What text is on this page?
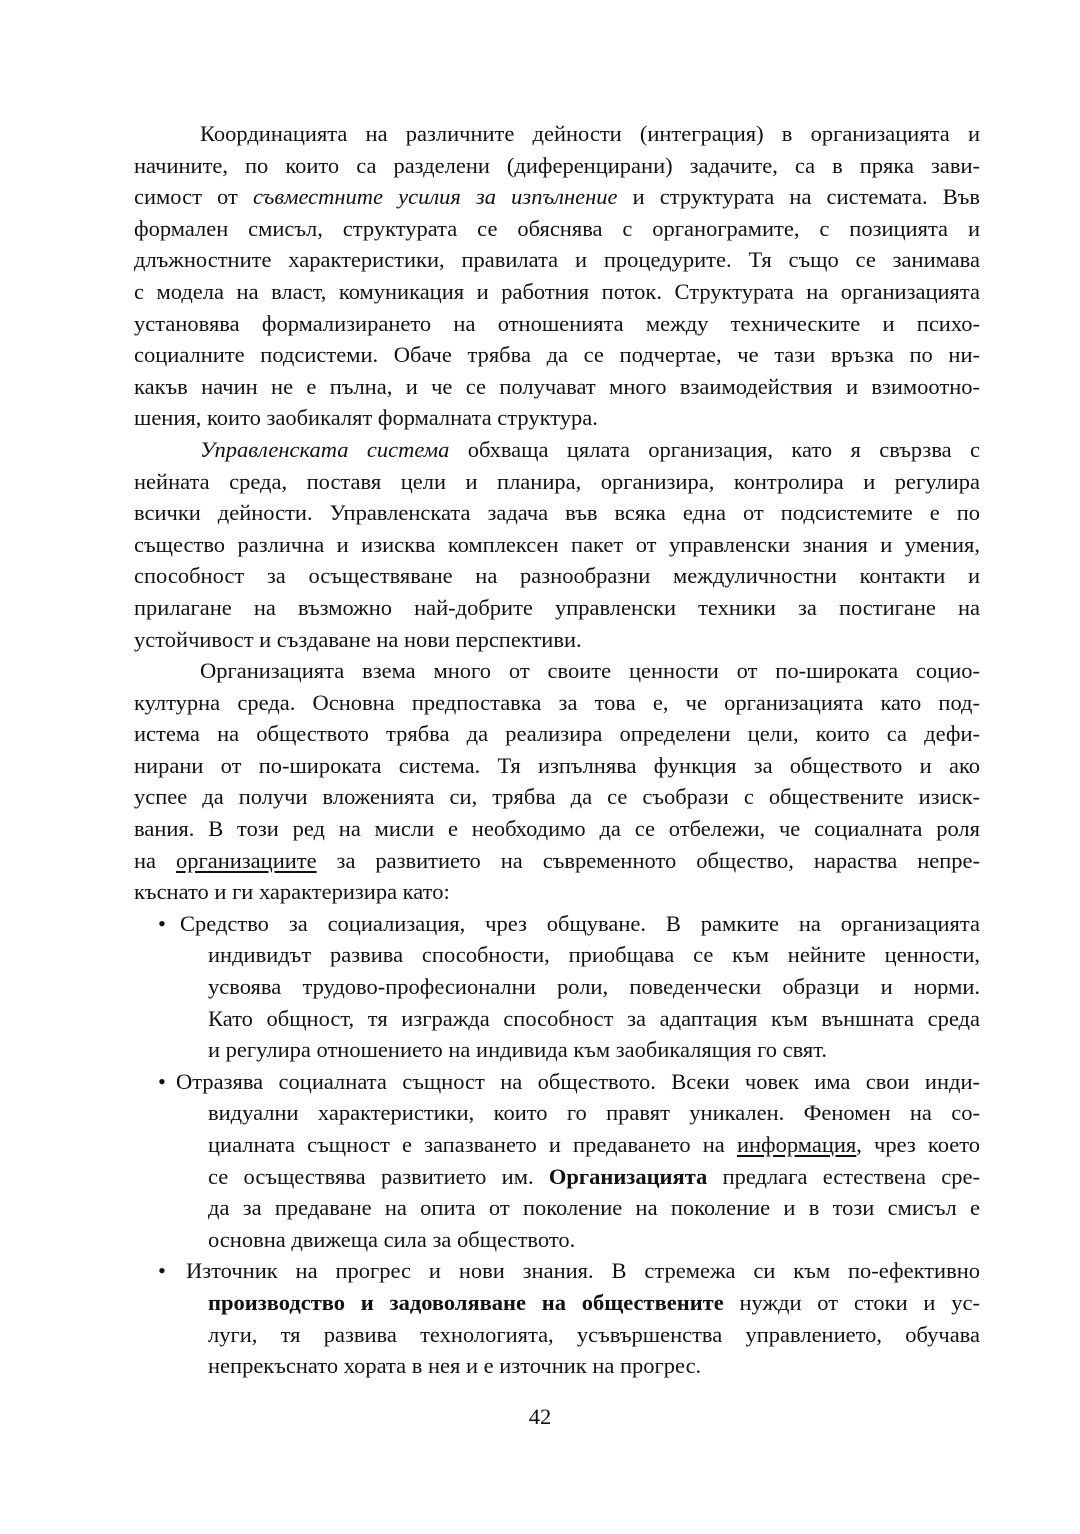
Координацията на различните дейности (интеграция) в организацията и
начините, по които са разделени (диференцирани) задачите, са в пряка зави-
симост от съвместните усилия за изпълнение и структурата на системата. Във
формален смисъл, структурата се обяснява с органограмите, с позицията и
длъжностните характеристики, правилата и процедурите. Тя също се занимава
с модела на власт, комуникация и работния поток. Структурата на организацията
установява формализирането на отношенията между техническите и психо-
социалните подсистеми. Обаче трябва да се подчертае, че тази връзка по ни-
какъв начин не е пълна, и че се получават много взаимодействия и взимоотно-
шения, които заобикалят формалната структура.
Управленската система обхваща цялата организация, като я свързва с
нейната среда, поставя цели и планира, организира, контролира и регулира
всички дейности. Управленската задача във всяка една от подсистемите е по
същество различна и изисква комплексен пакет от управленски знания и умения,
способност за осъществяване на разнообразни междуличностни контакти и
прилагане на възможно най-добрите управленски техники за постигане на
устойчивост и създаване на нови перспективи.
Организацията взема много от своите ценности от по-широката социо-
културна среда. Основна предпоставка за това е, че организацията като под-
истема на обществото трябва да реализира определени цели, които са дефи-
нирани от по-широката система. Тя изпълнява функция за обществото и ако
успее да получи вложенията си, трябва да се съобрази с обществените изиск-
вания. В този ред на мисли е необходимо да се отбележи, че социалната роля
на организациите за развитието на съвременното общество, нараства непре-
къснато и ги характеризира като:
• Средство за социализация, чрез общуване. В рамките на организацията
индивидът развива способности, приобщава се към нейните ценности,
усвоява трудово-професионални роли, поведенчески образци и норми.
Като общност, тя изгражда способност за адаптация към външната среда
и регулира отношението на индивида към заобикалящия го свят.
• Отразява социалната същност на обществото. Всеки човек има свои инди-
видуални характеристики, които го правят уникален. Феномен на со-
циалната същност е запазването и предаването на информация, чрез което
се осъществява развитието им. Организацията предлага естествена сре-
да за предаване на опита от поколение на поколение и в този смисъл е
основна движеща сила за обществото.
• Източник на прогрес и нови знания. В стремежа си към по-ефективно
производство и задоволяване на обществените нужди от стоки и ус-
луги, тя развива технологията, усъвършенства управлението, обучава
непрекъснато хората в нея и е източник на прогрес.
42
